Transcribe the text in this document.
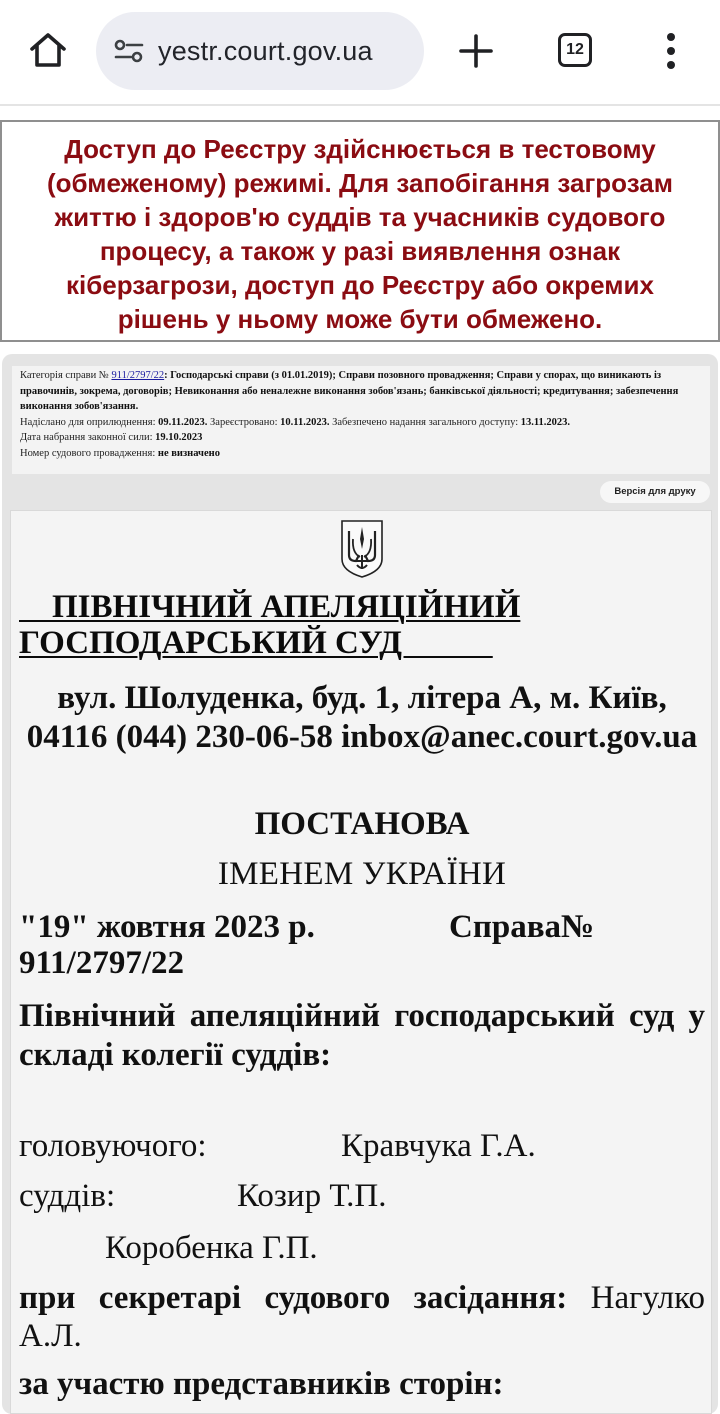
yestr.court.gov.ua	12
Доступ до Реєстру здійснюється в тестовому (обмеженому) режимі. Для запобігання загрозам життю і здоров'ю суддів та учасників судового процесу, а також у разі виявлення ознак кіберзагрози, доступ до Реєстру або окремих рішень у ньому може бути обмежено.
Категорія справи № 911/2797/22: Господарські справи (з 01.01.2019); Справи позовного провадження; Справи у спорах, що виникають із правочинів, зокрема, договорів; Невиконання або неналежне виконання зобов'язань; банківської діяльності; кредитування; забезпечення виконання зобов'язання.
Надіслано для оприлюднення: 09.11.2023. Зареєстровано: 10.11.2023. Забезпечено надання загального доступу: 13.11.2023.
Дата набрання законної сили: 19.10.2023
Номер судового провадження: не визначено
Версія для друку
ПІВНІЧНИЙ АПЕЛЯЦІЙНИЙ
ГОСПОДАРСЬКИЙ СУД
вул. Шолуденка, буд. 1, літера А, м. Київ, 04116 (044) 230-06-58 inbox@anec.court.gov.ua
ПОСТАНОВА
ІМЕНЕМ УКРАЇНИ
"19" жовтня 2023 р.	Справа№
911/2797/22
Північний апеляційний господарський суд у складі колегії суддів:
головуючого:	Кравчука Г.А.
суддів:	Козир Т.П.
Коробенка Г.П.
при секретарі судового засідання: Нагулко А.Л.
за участю представників сторін:
